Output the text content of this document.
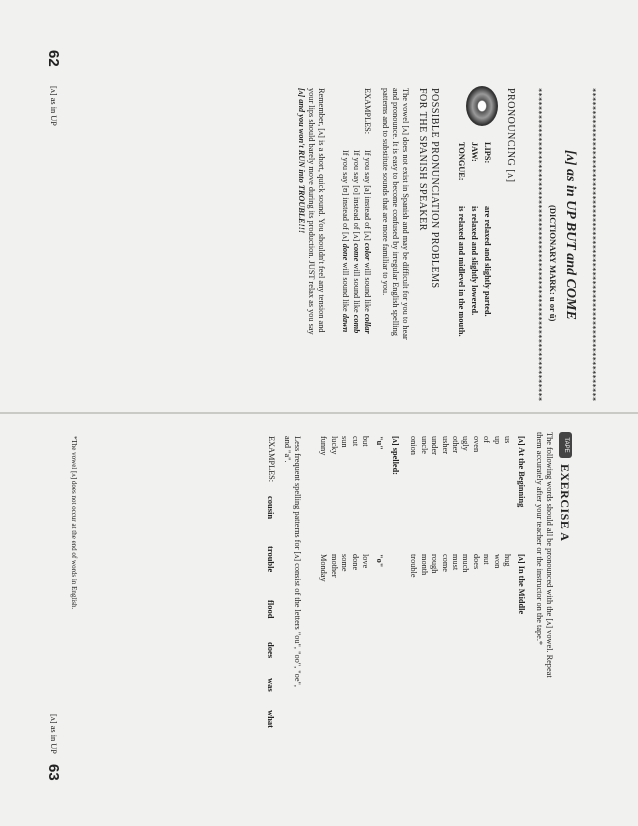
**********************************************************************
[ʌ] as in UP BUT and COME
(DICTIONARY MARK: u or ŭ)
**********************************************************************
PRONOUNCING [ʌ]
LIPS:are relaxed and slightly parted.
JAW:is relaxed and slightly lowered.
TONGUE:is relaxed and midlevel in the mouth.
POSSIBLE PRONUNCIATION PROBLEMS
FOR THE SPANISH SPEAKER
The vowel [ʌ] does not exist in Spanish and may be difficult for you to hear
and pronounce. It is easy to become confused by irregular English spelling
patterns and to substitute sounds that are more familiar to you.
EXAMPLES:
If you say [a] instead of [ʌ] color will sound like collar
If you say [o] instead of [ʌ] come will sound like comb
If you say [ʊ] instead of [ʌ] done will sound like dawn
Remember, [ʌ] is a short, quick sound. You shouldn't feel any tension and
your lips should barely move during its production. JUST relax as you say
[ʌ] and you won't RUN into TROUBLE!!!
62
[ʌ] as in UP
TAPE
EXERCISE A
The following words should all be pronounced with the [ʌ] vowel. Repeat
them accurately after your teacher or the instructor on the tape.*
[ʌ] At the Beginning
[ʌ] In the Middle
us
up
of
oven
ugly
other
usher
under
uncle
onion
hug
won
nut
does
much
must
come
rough
month
trouble
[ʌ] spelled:
"u"
"o"
but
cut
sun
lucky
funny
love
done
some
mother
Monday
Less frequent spelling patterns for [ʌ] consist of the letters "ou", "oo", "oe",
and "a".
EXAMPLES:
cousin
trouble
flood
does
was
what
*The vowel [ʌ] does not occur at the end of words in English.
[ʌ] as in UP
63
